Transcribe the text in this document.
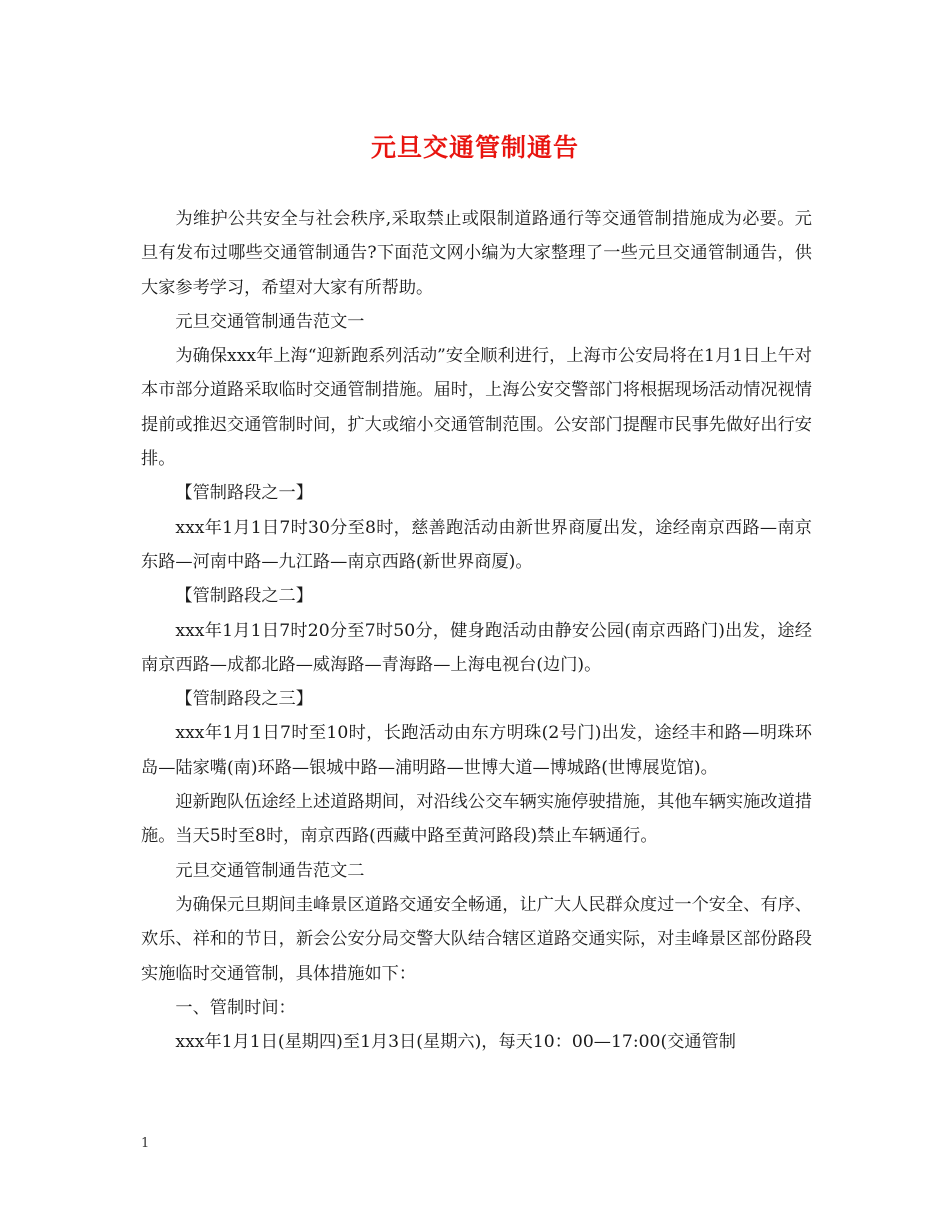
元旦交通管制通告

为维护公共安全与社会秩序,采取禁止或限制道路通行等交通管制措施成为必要。元旦有发布过哪些交通管制通告?下面范文网小编为大家整理了一些元旦交通管制通告，供大家参考学习，希望对大家有所帮助。

元旦交通管制通告范文一

为确保xxx年上海“迎新跑系列活动”安全顺利进行，上海市公安局将在1月1日上午对本市部分道路采取临时交通管制措施。届时，上海公安交警部门将根据现场活动情况视情提前或推迟交通管制时间，扩大或缩小交通管制范围。公安部门提醒市民事先做好出行安排。

【管制路段之一】

xxx年1月1日7时30分至8时，慈善跑活动由新世界商厦出发，途经南京西路—南京东路—河南中路—九江路—南京西路(新世界商厦)。

【管制路段之二】

xxx年1月1日7时20分至7时50分，健身跑活动由静安公园(南京西路门)出发，途经南京西路—成都北路—威海路—青海路—上海电视台(边门)。

【管制路段之三】

xxx年1月1日7时至10时，长跑活动由东方明珠(2号门)出发，途经丰和路—明珠环岛—陆家嘴(南)环路—银城中路—浦明路—世博大道—博城路(世博展览馆)。

迎新跑队伍途经上述道路期间，对沿线公交车辆实施停驶措施，其他车辆实施改道措施。当天5时至8时，南京西路(西藏中路至黄河路段)禁止车辆通行。

元旦交通管制通告范文二

为确保元旦期间圭峰景区道路交通安全畅通，让广大人民群众度过一个安全、有序、欢乐、祥和的节日，新会公安分局交警大队结合辖区道路交通实际，对圭峰景区部份路段实施临时交通管制，具体措施如下：

一、管制时间：

xxx年1月1日(星期四)至1月3日(星期六)，每天10：00—17:00(交通管制

1
